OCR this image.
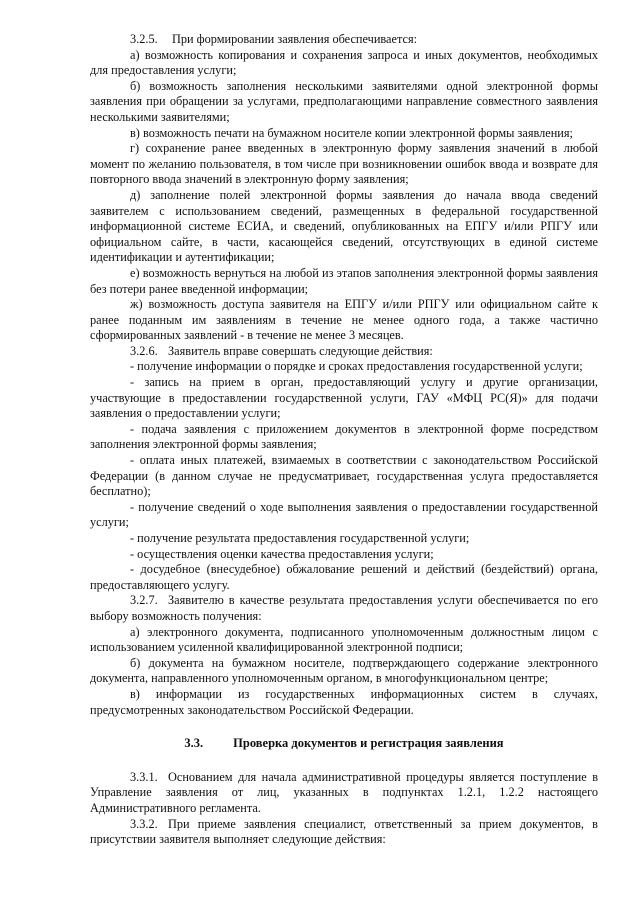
3.2.5. При формировании заявления обеспечивается:

а) возможность копирования и сохранения запроса и иных документов, необходимых для предоставления услуги;

б) возможность заполнения несколькими заявителями одной электронной формы заявления при обращении за услугами, предполагающими направление совместного заявления несколькими заявителями;

в) возможность печати на бумажном носителе копии электронной формы заявления;

г) сохранение ранее введенных в электронную форму заявления значений в любой момент по желанию пользователя, в том числе при возникновении ошибок ввода и возврате для повторного ввода значений в электронную форму заявления;

д) заполнение полей электронной формы заявления до начала ввода сведений заявителем с использованием сведений, размещенных в федеральной государственной информационной системе ЕСИА, и сведений, опубликованных на ЕПГУ и/или РПГУ или официальном сайте, в части, касающейся сведений, отсутствующих в единой системе идентификации и аутентификации;

е) возможность вернуться на любой из этапов заполнения электронной формы заявления без потери ранее введенной информации;

ж) возможность доступа заявителя на ЕПГУ и/или РПГУ или официальном сайте к ранее поданным им заявлениям в течение не менее одного года, а также частично сформированных заявлений - в течение не менее 3 месяцев.

3.2.6. Заявитель вправе совершать следующие действия:

- получение информации о порядке и сроках предоставления государственной услуги;

- запись на прием в орган, предоставляющий услугу и другие организации, участвующие в предоставлении государственной услуги, ГАУ «МФЦ РС(Я)» для подачи заявления о предоставлении услуги;

- подача заявления с приложением документов в электронной форме посредством заполнения электронной формы заявления;

- оплата иных платежей, взимаемых в соответствии с законодательством Российской Федерации (в данном случае не предусматривает, государственная услуга предоставляется бесплатно);

- получение сведений о ходе выполнения заявления о предоставлении государственной услуги;

- получение результата предоставления государственной услуги;

- осуществления оценки качества предоставления услуги;

- досудебное (внесудебное) обжалование решений и действий (бездействий) органа, предоставляющего услугу.

3.2.7. Заявителю в качестве результата предоставления услуги обеспечивается по его выбору возможность получения:

а) электронного документа, подписанного уполномоченным должностным лицом с использованием усиленной квалифицированной электронной подписи;

б) документа на бумажном носителе, подтверждающего содержание электронного документа, направленного уполномоченным органом, в многофункциональном центре;

в) информации из государственных информационных систем в случаях, предусмотренных законодательством Российской Федерации.

3.3. Проверка документов и регистрация заявления

3.3.1. Основанием для начала административной процедуры является поступление в Управление заявления от лиц, указанных в подпунктах 1.2.1, 1.2.2 настоящего Административного регламента.

3.3.2. При приеме заявления специалист, ответственный за прием документов, в присутствии заявителя выполняет следующие действия:
